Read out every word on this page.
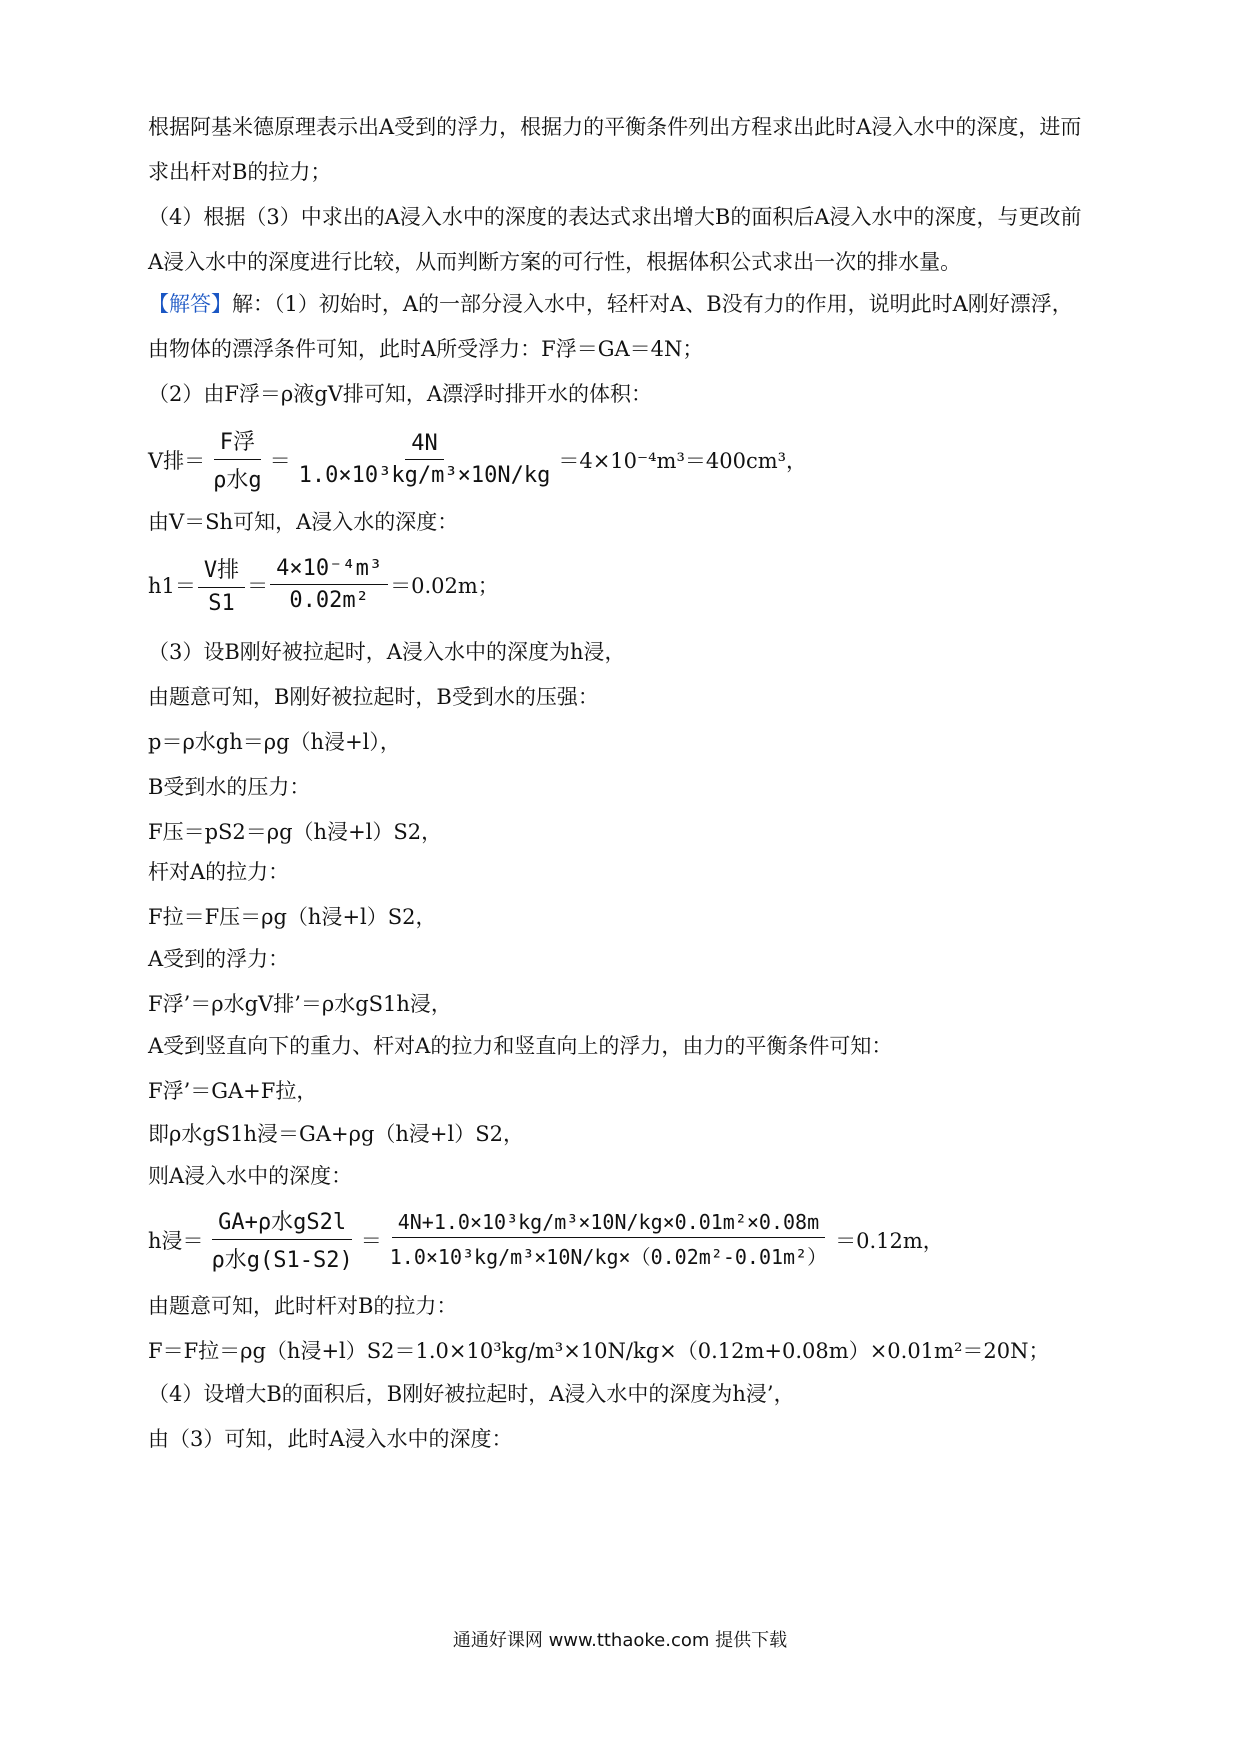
根据阿基米德原理表示出A受到的浮力，根据力的平衡条件列出方程求出此时A浸入水中的深度，进而

求出杆对B的拉力；

（4）根据（3）中求出的A浸入水中的深度的表达式求出增大B的面积后A浸入水中的深度，与更改前

A浸入水中的深度进行比较，从而判断方案的可行性，根据体积公式求出一次的排水量。

【解答】解：（1）初始时，A的一部分浸入水中，轻杆对A、B没有力的作用，说明此时A刚好漂浮，

由物体的漂浮条件可知，此时A所受浮力：F浮＝GA＝4N；

（2）由F浮＝ρ液gV排可知，A漂浮时排开水的体积：

V排＝ $\frac{\text{F浮}}{\text{ρ水g}} = \frac{4N}{\text{1.0×10³kg/m³×10N/kg}} =4\times 10^{-4}m^3=400cm^3$，

由V＝Sh可知，A浸入水的深度：

$h1= \frac{\text{V排}}{S1} = \frac{\text{4×10⁻⁴m³}}{\text{0.02m²}} =0.02m$；

（3）设B刚好被拉起时，A浸入水中的深度为h浸，

由题意可知，B刚好被拉起时，B受到水的压强：

p＝ρ水gh＝ρg（h浸+l），

B受到水的压力：

F压＝pS2＝ρg（h浸+l）S2，

杆对A的拉力：

F拉＝F压＝ρg（h浸+l）S2，

A受到的浮力：

F浮’＝ρ水gV排’＝ρ水gS1h浸，

A受到竖直向下的重力、杆对A的拉力和竖直向上的浮力，由力的平衡条件可知：

F浮’＝GA+F拉，

即ρ水gS1h浸＝GA+ρg（h浸+l）S2，

则A浸入水中的深度：

h浸＝ $\frac{\text{GA+ρ水gS2l}}{\text{ρ水g(S1-S2)}} = \frac{\text{4N+1.0×10³kg/m³×10N/kg×0.01m²×0.08m}}{\text{1.0×10³kg/m³×10N/kg×（0.02m²-0.01m²）}} =0.12m$，

由题意可知，此时杆对B的拉力：

F＝F拉＝ρg（h浸+l）S2＝1.0×10³kg/m³×10N/kg×（0.12m+0.08m）×0.01m²＝20N；

（4）设增大B的面积后，B刚好被拉起时，A浸入水中的深度为h浸’，

由（3）可知，此时A浸入水中的深度：

通通好课网 www.tthaoke.com 提供下载
